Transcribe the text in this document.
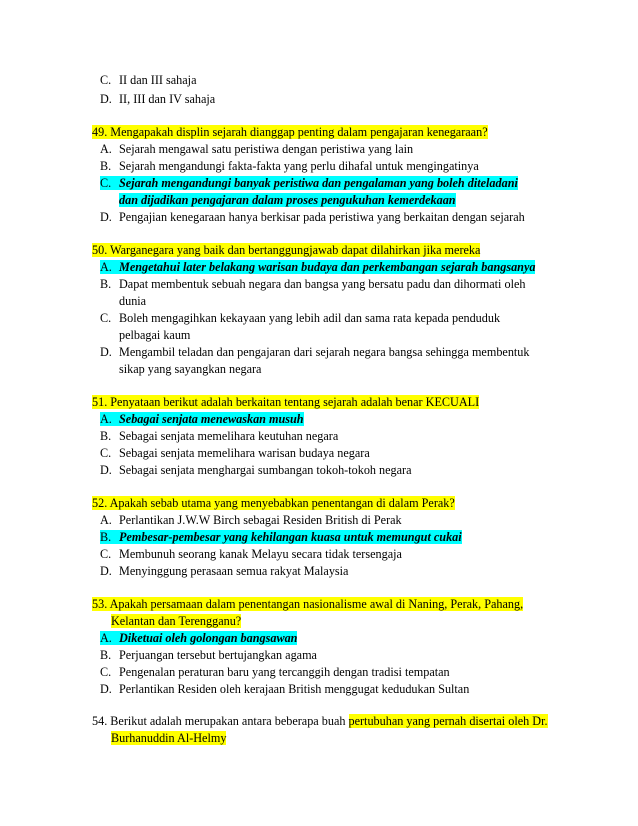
C. II dan III sahaja
D. II, III dan IV sahaja
49. Mengapakah displin sejarah dianggap penting dalam pengajaran kenegaraan?
A. Sejarah mengawal satu peristiwa dengan peristiwa yang lain
B. Sejarah mengandungi fakta-fakta yang perlu dihafal untuk mengingatinya
C. Sejarah mengandungi banyak peristiwa dan pengalaman yang boleh diteladani
dan dijadikan pengajaran dalam proses pengukuhan kemerdekaan
D. Pengajian kenegaraan hanya berkisar pada peristiwa yang berkaitan dengan sejarah
50. Warganegara yang baik dan bertanggungjawab dapat dilahirkan jika mereka
A. Mengetahui later belakang warisan budaya dan perkembangan sejarah bangsanya
B. Dapat membentuk sebuah negara dan bangsa yang bersatu padu dan dihormati oleh
dunia
C. Boleh mengagihkan kekayaan yang lebih adil dan sama rata kepada penduduk
pelbagai kaum
D. Mengambil teladan dan pengajaran dari sejarah negara bangsa sehingga membentuk
sikap yang sayangkan negara
51. Penyataan berikut adalah berkaitan tentang sejarah adalah benar KECUALI
A. Sebagai senjata menewaskan musuh
B. Sebagai senjata memelihara keutuhan negara
C. Sebagai senjata memelihara warisan budaya negara
D. Sebagai senjata menghargai sumbangan tokoh-tokoh negara
52. Apakah sebab utama yang menyebabkan penentangan di dalam Perak?
A. Perlantikan J.W.W Birch sebagai Residen British di Perak
B. Pembesar-pembesar yang kehilangan kuasa untuk memungut cukai
C. Membunuh seorang kanak Melayu secara tidak tersengaja
D. Menyinggung perasaan semua rakyat Malaysia
53. Apakah persamaan dalam penentangan nasionalisme awal di Naning, Perak, Pahang,
Kelantan dan Terengganu?
A. Diketuai oleh golongan bangsawan
B. Perjuangan tersebut bertujangkan agama
C. Pengenalan peraturan baru yang tercanggih dengan tradisi tempatan
D. Perlantikan Residen oleh kerajaan British menggugat kedudukan Sultan
54. Berikut adalah merupakan antara beberapa buah pertubuhan yang pernah disertai oleh Dr.
Burhanuddin Al-Helmy
